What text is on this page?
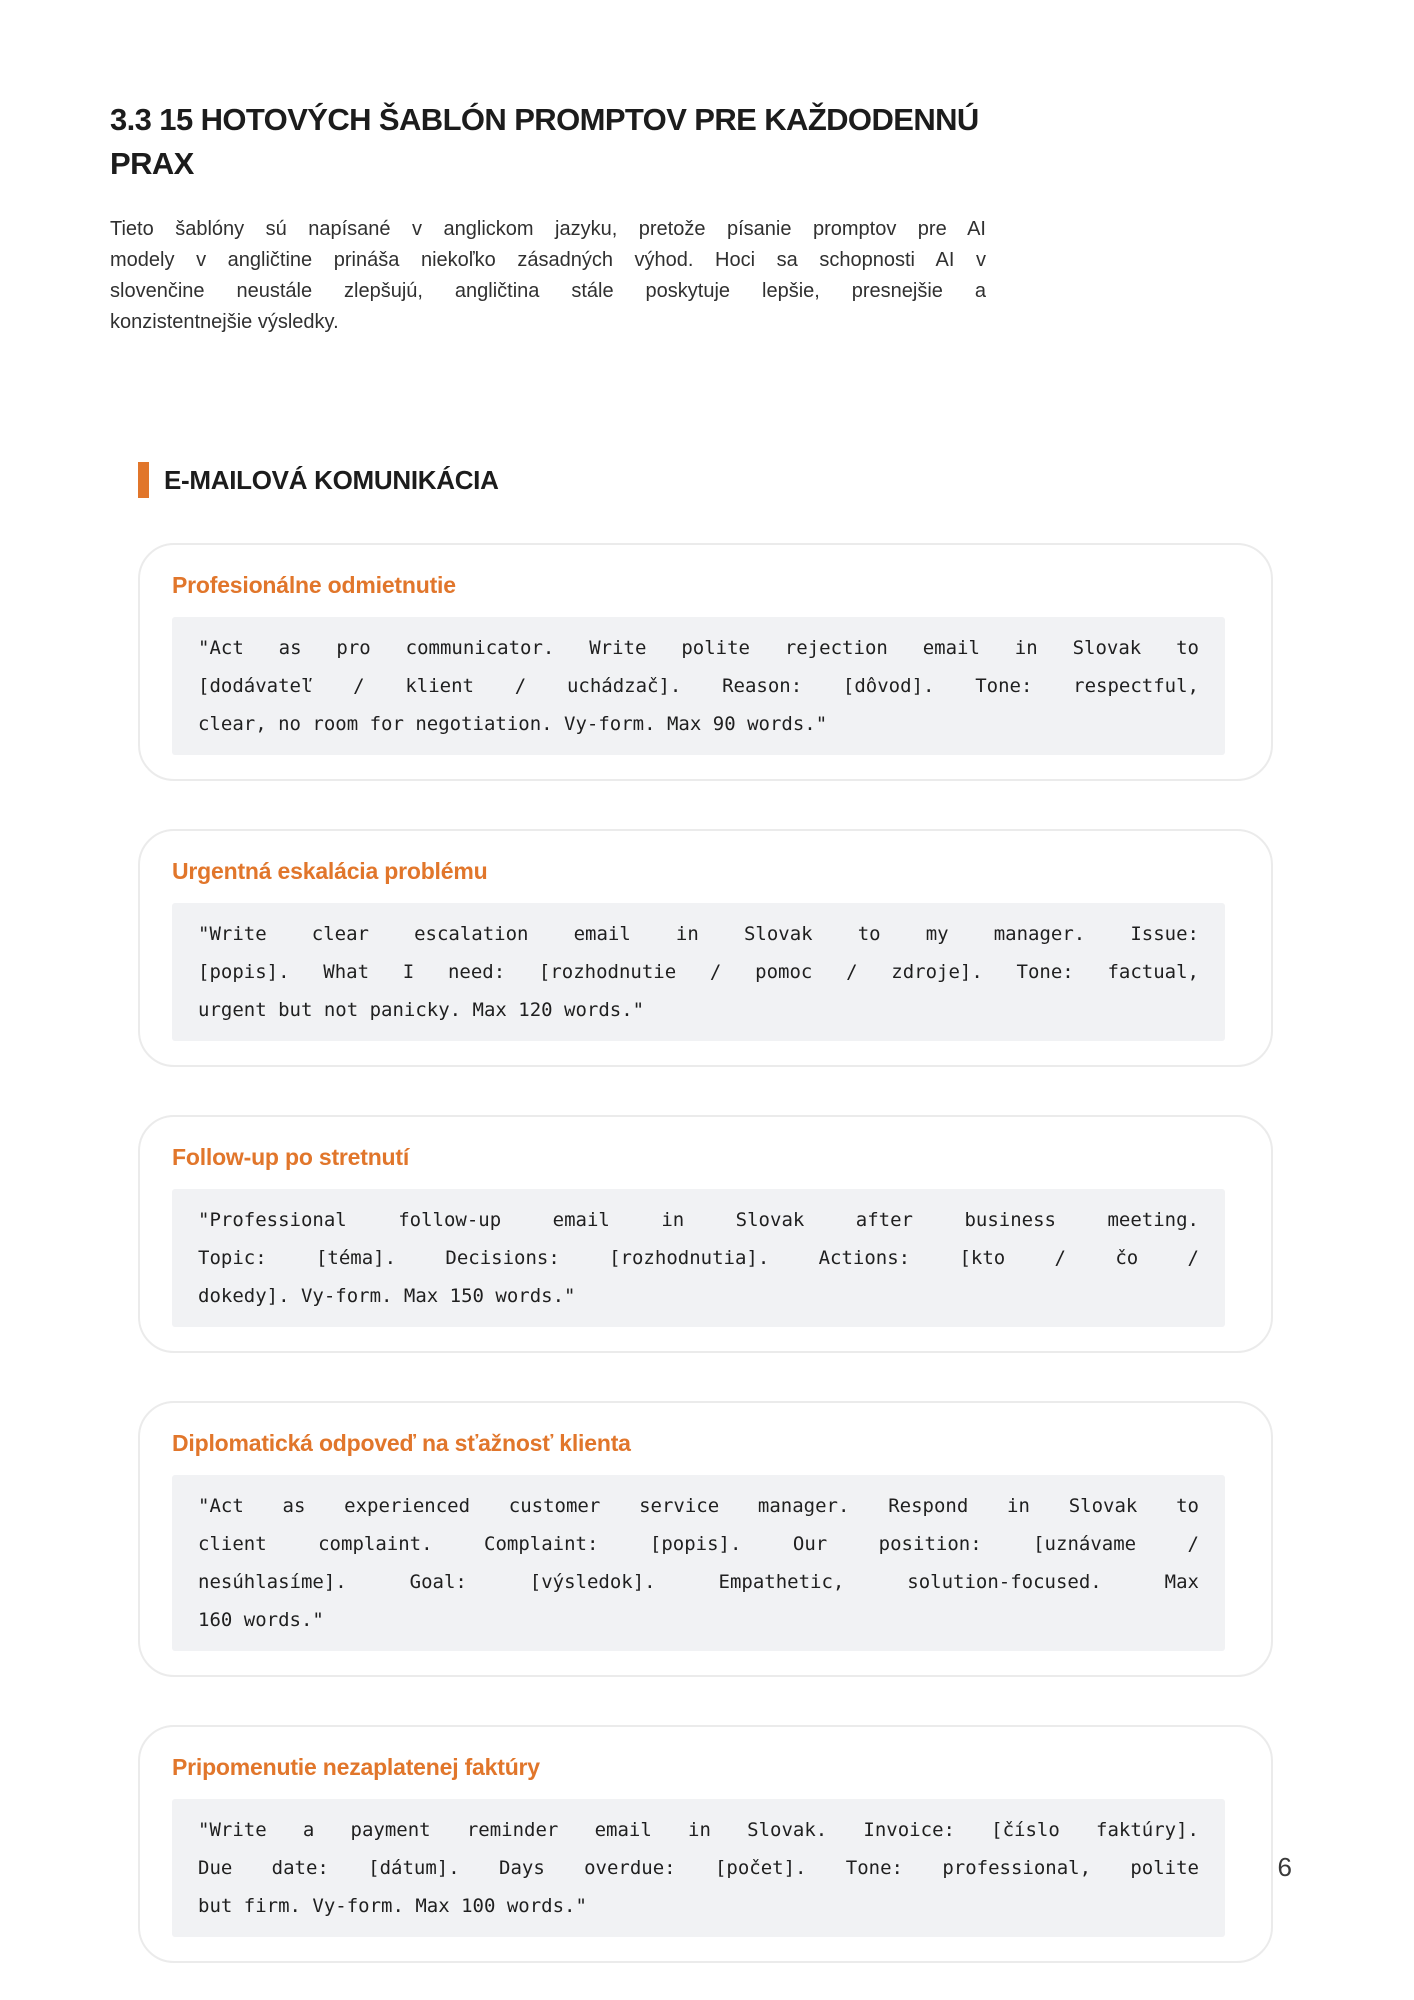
3.3 15 HOTOVÝCH ŠABLÓN PROMPTOV PRE KAŽDODENNÚ
PRAX
Tieto šablóny sú napísané v anglickom jazyku, pretože písanie promptov pre AI
modely v angličtine prináša niekoľko zásadných výhod. Hoci sa schopnosti AI v
slovenčine neustále zlepšujú, angličtina stále poskytuje lepšie, presnejšie a
konzistentnejšie výsledky.
E-MAILOVÁ KOMUNIKÁCIA
Profesionálne odmietnutie
"Act as pro communicator. Write polite rejection email in Slovak to
[dodávateľ / klient / uchádzač]. Reason: [dôvod]. Tone: respectful,
clear, no room for negotiation. Vy-form. Max 90 words."
Urgentná eskalácia problému
"Write clear escalation email in Slovak to my manager. Issue:
[popis]. What I need: [rozhodnutie / pomoc / zdroje]. Tone: factual,
urgent but not panicky. Max 120 words."
Follow-up po stretnutí
"Professional follow-up email in Slovak after business meeting.
Topic: [téma]. Decisions: [rozhodnutia]. Actions: [kto / čo /
dokedy]. Vy-form. Max 150 words."
Diplomatická odpoveď na sťažnosť klienta
"Act as experienced customer service manager. Respond in Slovak to
client complaint. Complaint: [popis]. Our position: [uznávame /
nesúhlasíme]. Goal: [výsledok]. Empathetic, solution-focused. Max
160 words."
Pripomenutie nezaplatenej faktúry
"Write a payment reminder email in Slovak. Invoice: [číslo faktúry].
Due date: [dátum]. Days overdue: [počet]. Tone: professional, polite
but firm. Vy-form. Max 100 words."
6
